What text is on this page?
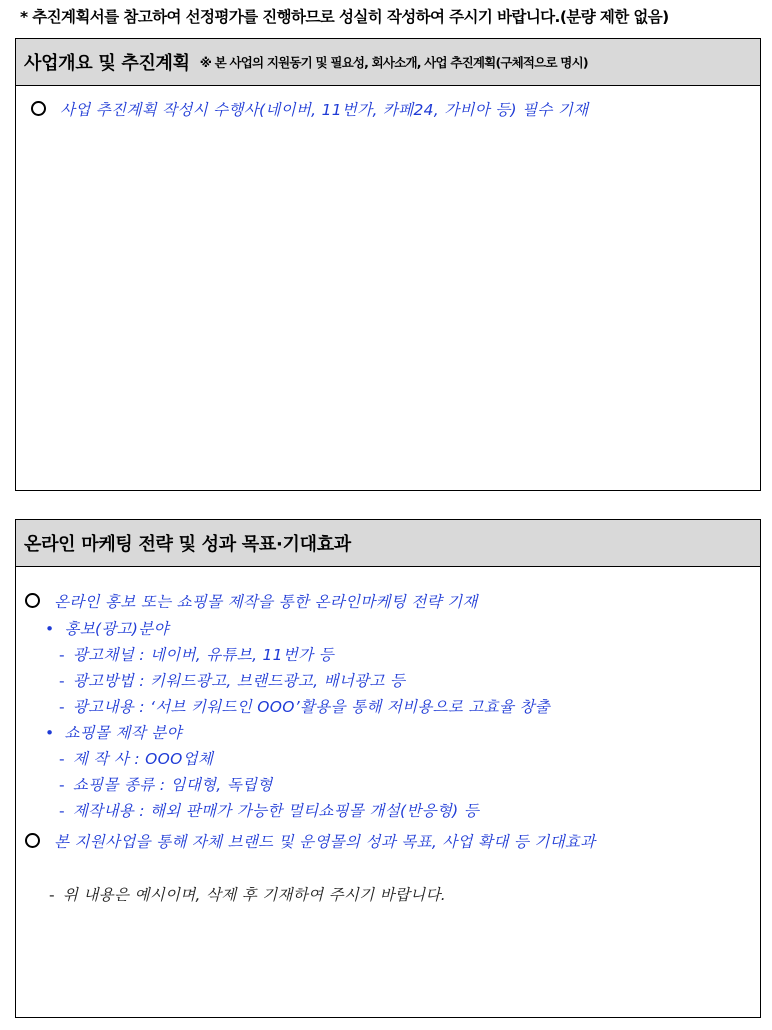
* 추진계획서를 참고하여 선정평가를 진행하므로 성실히 작성하여 주시기 바랍니다.(분량 제한 없음)
사업개요 및 추진계획 ※ 본 사업의 지원동기 및 필요성, 회사소개, 사업 추진계획(구체적으로 명시)
사업 추진계획 작성시 수행사(네이버, 11번가, 카페24, 가비아 등) 필수 기재
온라인 마케팅 전략 및 성과 목표·기대효과
온라인 홍보 또는 쇼핑몰 제작을 통한 온라인마케팅 전략 기재
• 홍보(광고)분야
- 광고채널 : 네이버, 유튜브, 11번가 등
- 광고방법 : 키워드광고, 브랜드광고, 배너광고 등
- 광고내용 : ‘서브 키워드인 OOO’활용을 통해 저비용으로 고효율 창출
• 쇼핑몰 제작 분야
- 제 작 사 : OOO업체
- 쇼핑몰 종류 : 임대형, 독립형
- 제작내용 : 해외 판매가 가능한 멀티쇼핑몰 개설(반응형) 등
본 지원사업을 통해 자체 브랜드 및 운영몰의 성과 목표, 사업 확대 등 기대효과
- 위 내용은 예시이며, 삭제 후 기재하여 주시기 바랍니다.
